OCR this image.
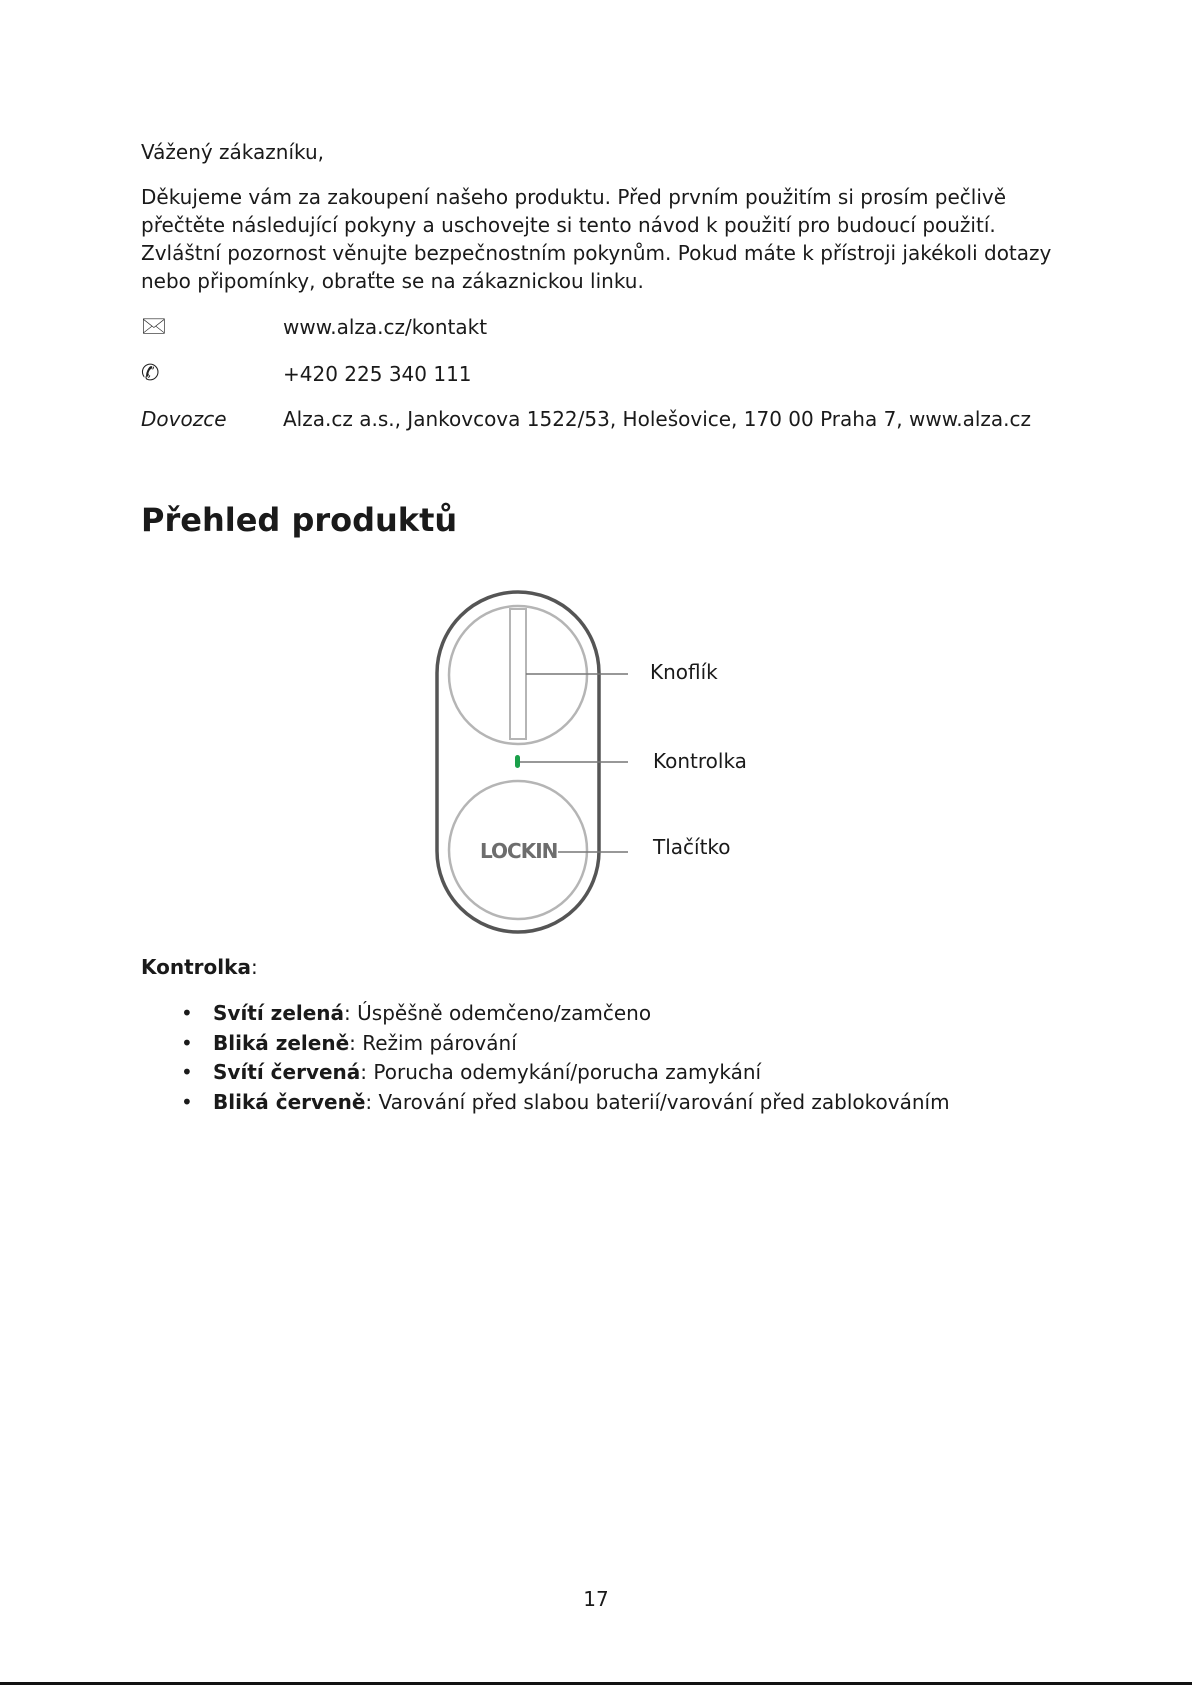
Vážený zákazníku,
Děkujeme vám za zakoupení našeho produktu. Před prvním použitím si prosím pečlivě
přečtěte následující pokyny a uschovejte si tento návod k použití pro budoucí použití.
Zvláštní pozornost věnujte bezpečnostním pokynům. Pokud máte k přístroji jakékoli dotazy
nebo připomínky, obraťte se na zákaznickou linku.
🖂	www.alza.cz/kontakt
✆	+420 225 340 111
Dovozce	Alza.cz a.s., Jankovcova 1522/53, Holešovice, 170 00 Praha 7, www.alza.cz
Přehled produktů
LOCKIN
Knoflík
Kontrolka
Tlačítko
Kontrolka:
• Svítí zelená: Úspěšně odemčeno/zamčeno
• Bliká zeleně: Režim párování
• Svítí červená: Porucha odemykání/porucha zamykání
• Bliká červeně: Varování před slabou baterií/varování před zablokováním
17
